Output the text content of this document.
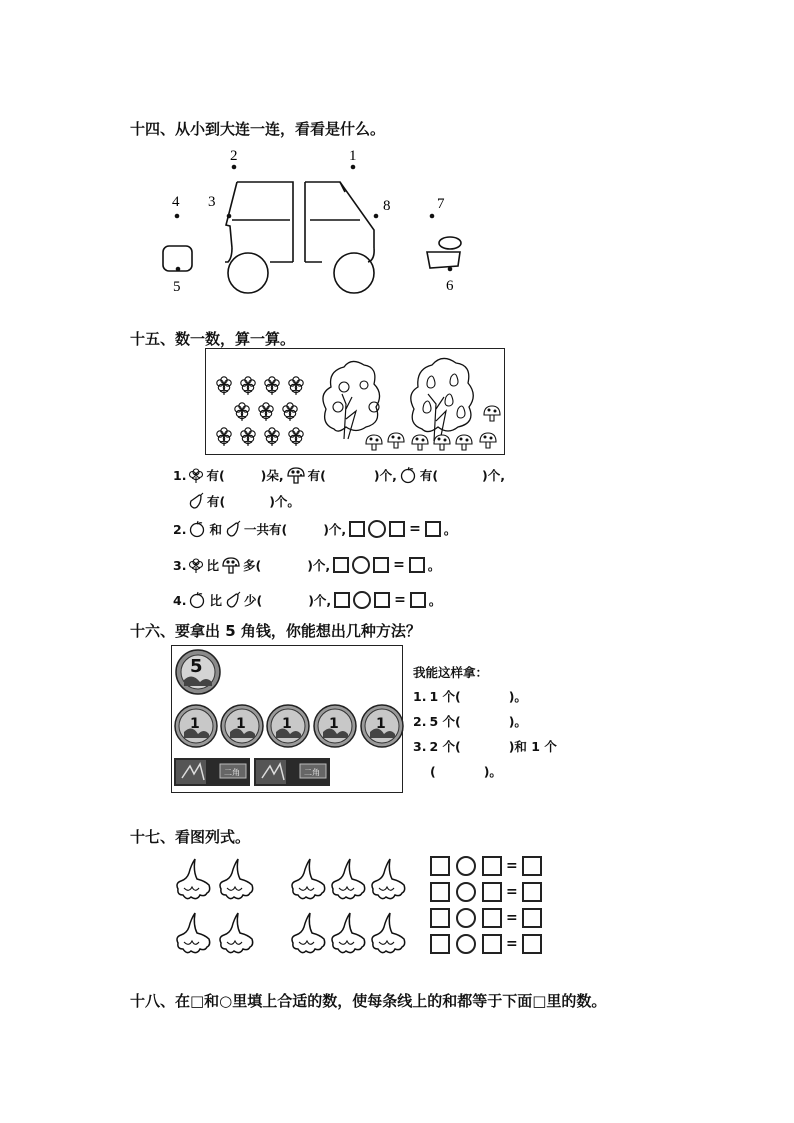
十四、从小到大连一连，看看是什么。
2	1
4 3	8	7
5	6
十五、数一数，算一算。
1. 有(	)朵, 有(	)个, 有(	)个,
有(	)个。
2. 和 一共有(	)个,	= 。
3. 比 多(	)个,	= 。
4. 比 少(	)个,	= 。
十六、要拿出 5 角钱，你能想出几种方法？
1
5
二角	二角
我能这样拿：
1. 1 个(	)。
2. 5 个(	)。
3. 2 个(	)和 1 个
(	)。
十七、看图列式。
=
=
=
=
十八、在□和○里填上合适的数，使每条线上的和都等于下面□里的数。
